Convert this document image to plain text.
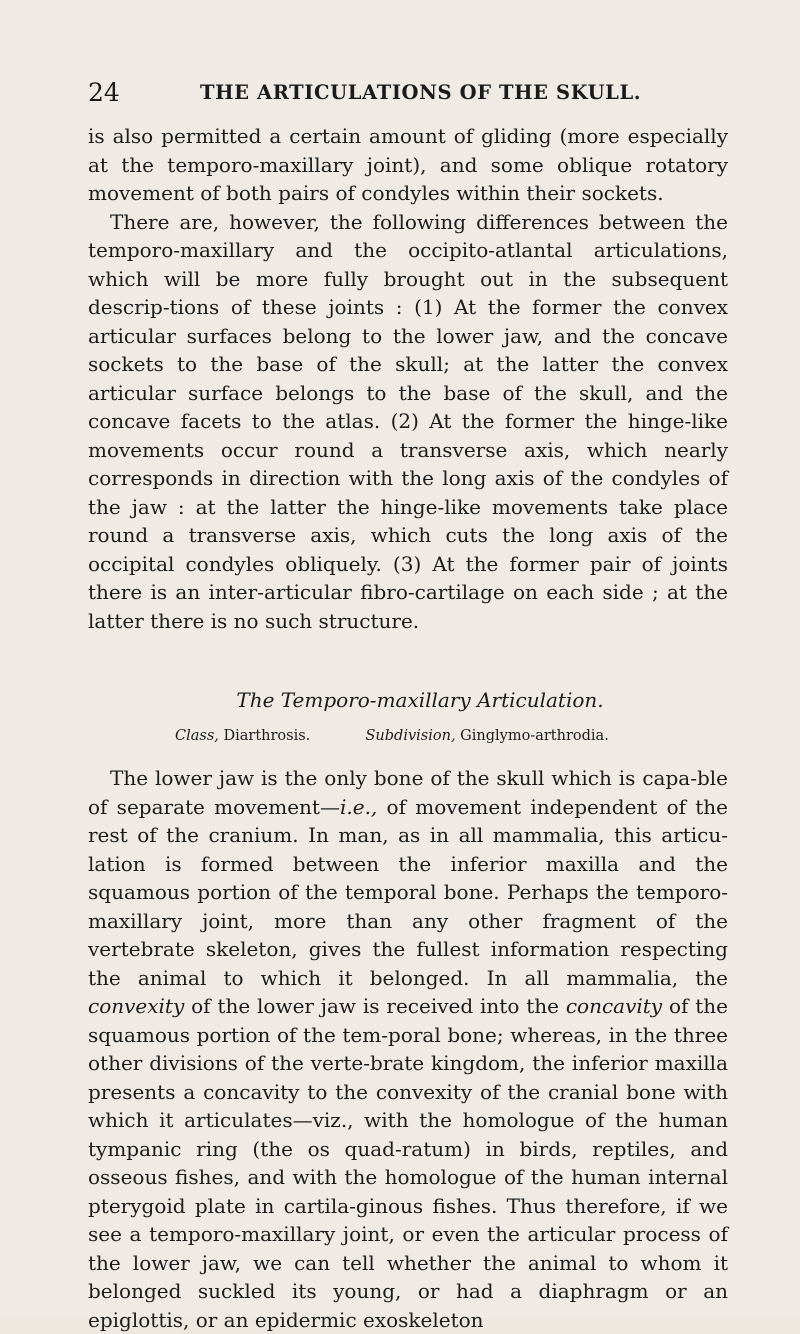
24	THE ARTICULATIONS OF THE SKULL.

is also permitted a certain amount of gliding (more especially at the temporo-maxillary joint), and some oblique rotatory movement of both pairs of condyles within their sockets.

There are, however, the following differences between the temporo-maxillary and the occipito-atlantal articulations, which will be more fully brought out in the subsequent descrip-tions of these joints : (1) At the former the convex articular surfaces belong to the lower jaw, and the concave sockets to the base of the skull; at the latter the convex articular surface belongs to the base of the skull, and the concave facets to the atlas. (2) At the former the hinge-like movements occur round a transverse axis, which nearly corresponds in direction with the long axis of the condyles of the jaw : at the latter the hinge-like movements take place round a transverse axis, which cuts the long axis of the occipital condyles obliquely. (3) At the former pair of joints there is an inter-articular fibro-cartilage on each side ; at the latter there is no such structure.

The Temporo-maxillary Articulation.
Class, Diarthrosis.	Subdivision, Ginglymo-arthrodia.
The lower jaw is the only bone of the skull which is capa-ble of separate movement—i.e., of movement independent of the rest of the cranium. In man, as in all mammalia, this articu-lation is formed between the inferior maxilla and the squamous portion of the temporal bone. Perhaps the temporo-maxillary joint, more than any other fragment of the vertebrate skeleton, gives the fullest information respecting the animal to which it belonged. In all mammalia, the convexity of the lower jaw is received into the concavity of the squamous portion of the tem-poral bone; whereas, in the three other divisions of the verte-brate kingdom, the inferior maxilla presents a concavity to the convexity of the cranial bone with which it articulates—viz., with the homologue of the human tympanic ring (the os quad-ratum) in birds, reptiles, and osseous fishes, and with the homologue of the human internal pterygoid plate in cartila-ginous fishes. Thus therefore, if we see a temporo-maxillary joint, or even the articular process of the lower jaw, we can tell whether the animal to whom it belonged suckled its young, or had a diaphragm or an epiglottis, or an epidermic exoskeleton
